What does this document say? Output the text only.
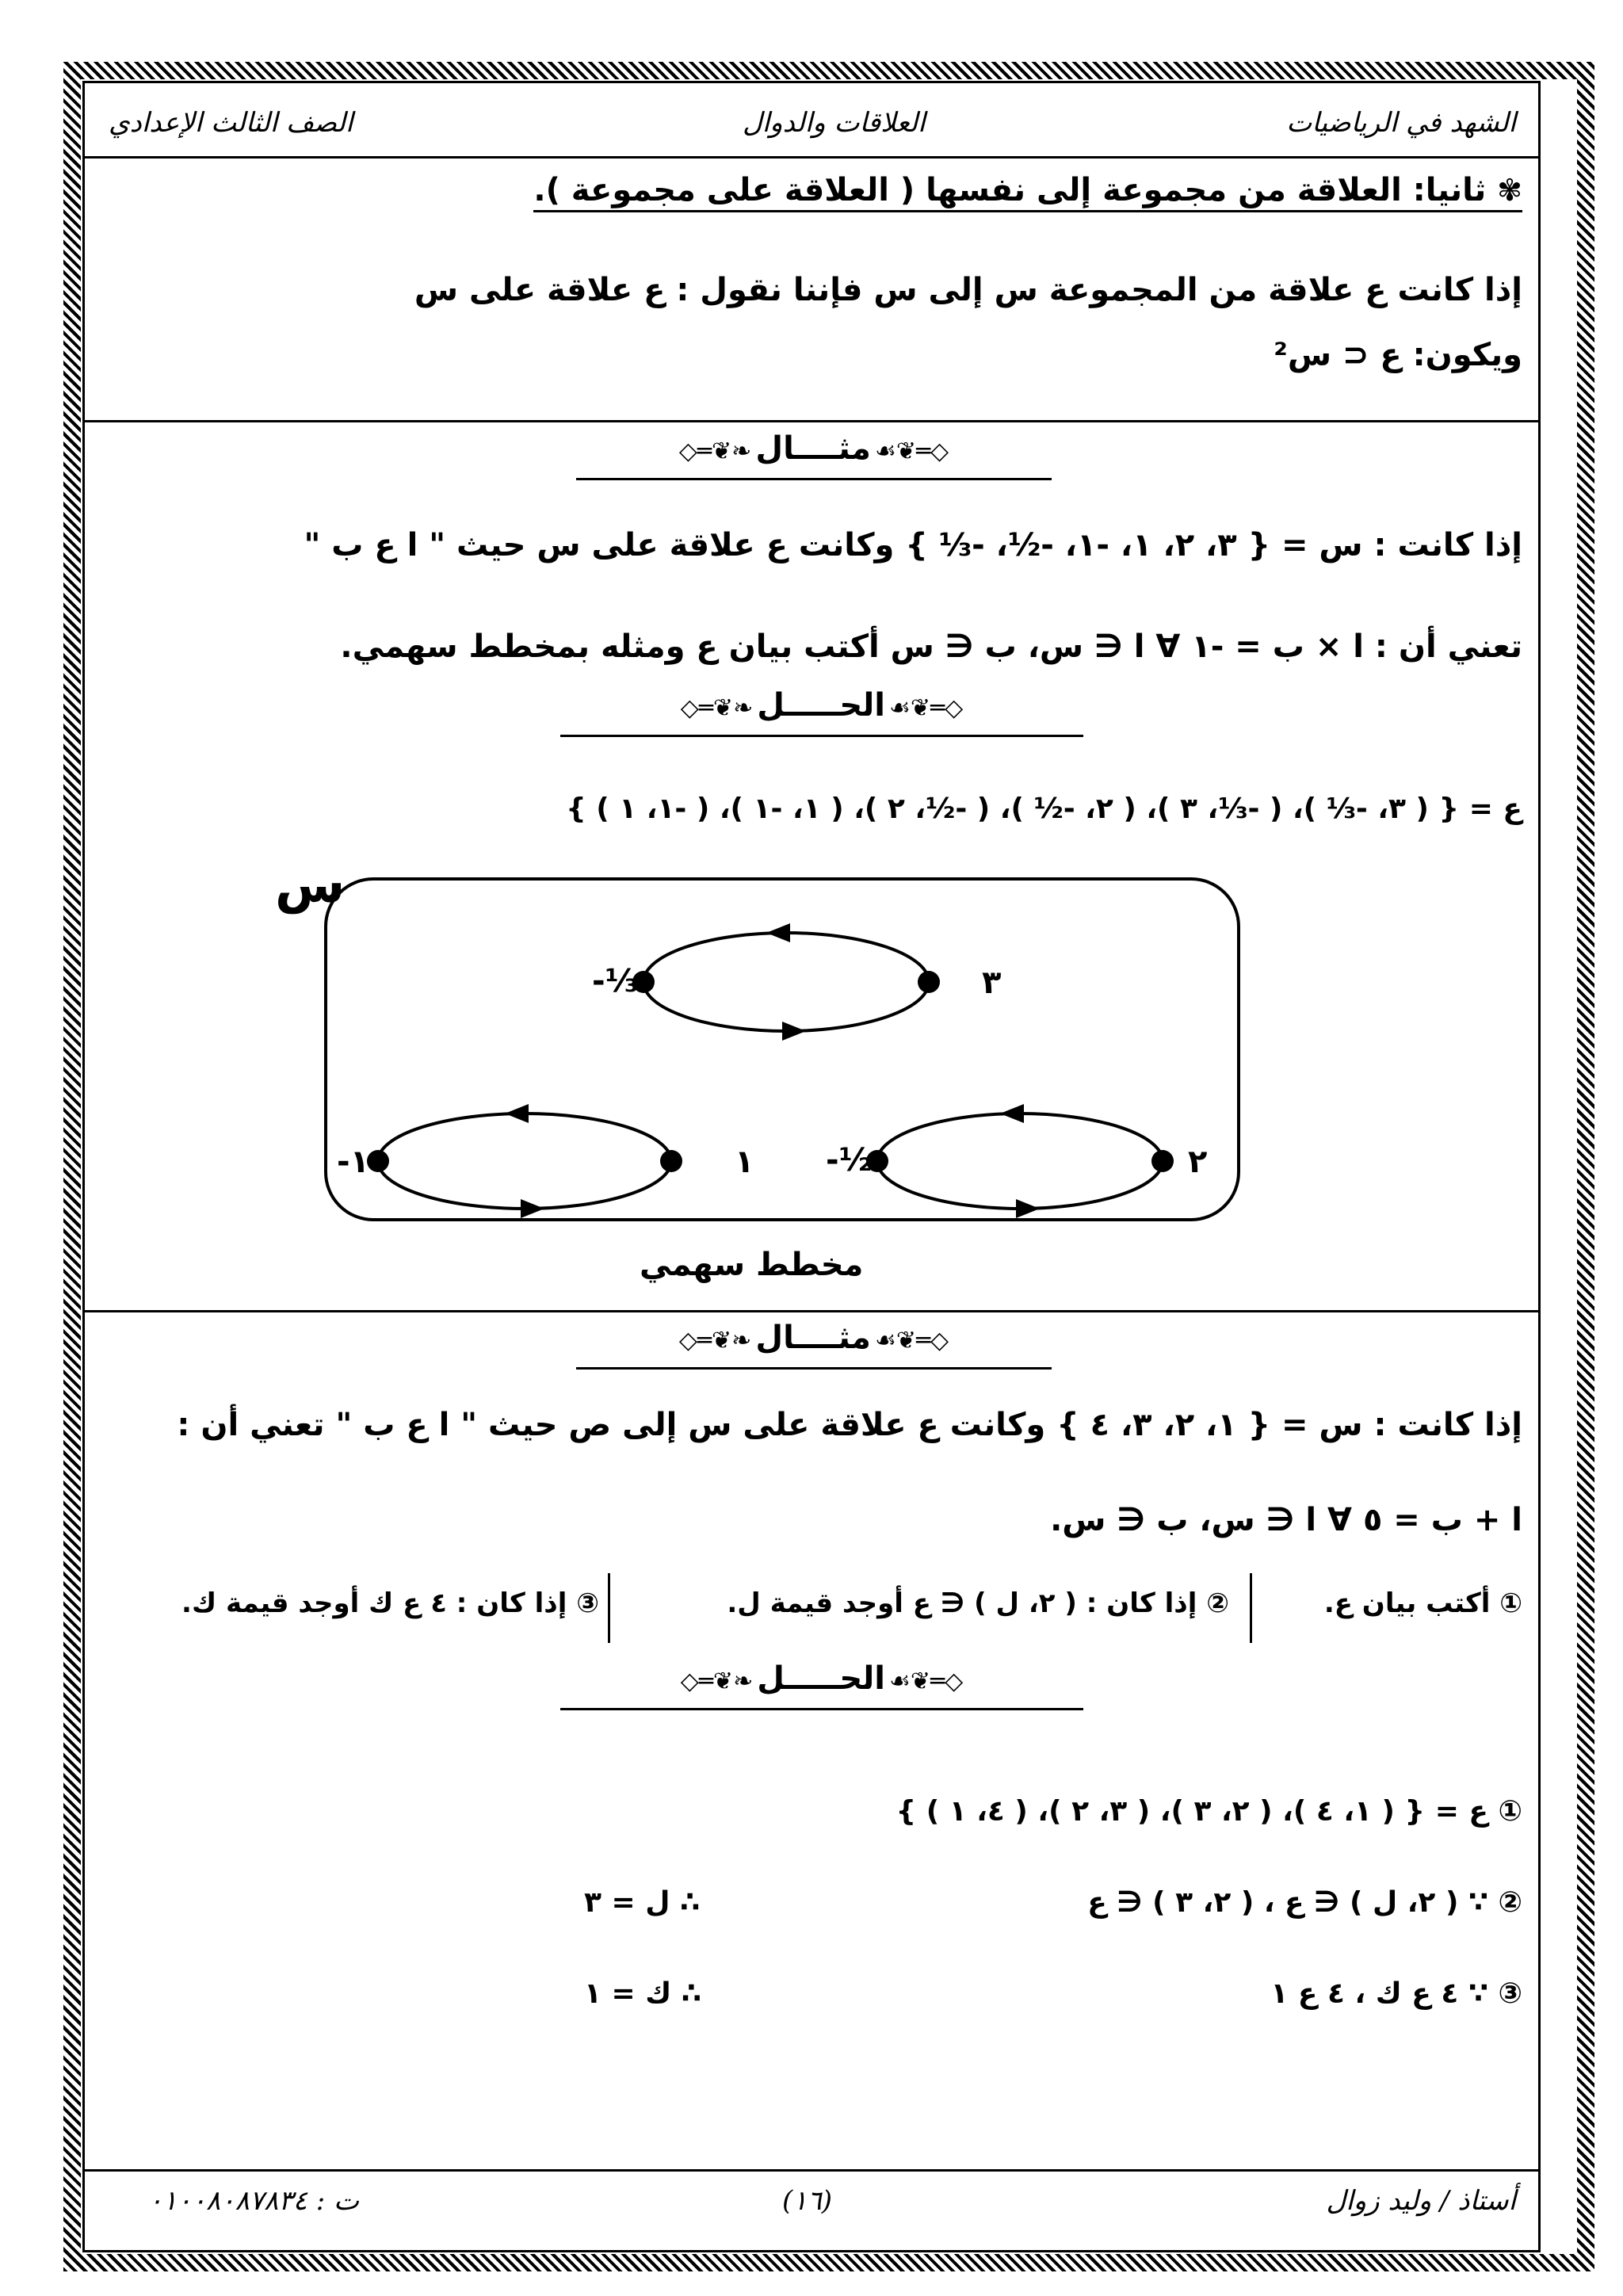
الشهد في الرياضيات
العلاقات والدوال
الصف الثالث الإعدادي
✾ ثانيا: العلاقة من مجموعة إلى نفسها ( العلاقة على مجموعة ).
إذا كانت ع علاقة من المجموعة س إلى س فإننا نقول : ع علاقة على س
ويكون: ع ⊂ س²
◇═❦❧ مثــــال ☙❦═◇
إذا كانت : س = { ٣، ٢، ١، -١، -½، -⅓ } وكانت ع علاقة على س حيث " ا ع ب "
تعني أن : ا × ب = -١ ∀ ا ∈ س، ب ∈ س أكتب بيان ع ومثله بمخطط سهمي.
◇═❦❧ الحـــــل ☙❦═◇
ع = { ( ٣، -⅓ )، ( -⅓، ٣ )، ( ٢، -½ )، ( -½، ٢ )، ( ١، -١ )، ( -١، ١ ) }
س
٣
-⅓
٢
-½
١
-١
مخطط سهمي
◇═❦❧ مثــــال ☙❦═◇
إذا كانت : س = { ١، ٢، ٣، ٤ } وكانت ع علاقة على س إلى ص حيث " ا ع ب " تعني أن :
ا + ب = ٥ ∀ ا ∈ س، ب ∈ س.
① أكتب بيان ع.
② إذا كان : ( ٢، ل ) ∈ ع أوجد قيمة ل.
③ إذا كان : ٤ ع ك أوجد قيمة ك.
◇═❦❧ الحـــــل ☙❦═◇
① ع = { ( ١، ٤ )، ( ٢، ٣ )، ( ٣، ٢ )، ( ٤، ١ ) }
② ∵ ( ٢، ل ) ∈ ع ، ( ٢، ٣ ) ∈ ع
∴ ل = ٣
③ ∵ ٤ ع ك ، ٤ ع ١
∴ ك = ١
أستاذ / وليد زوال
(١٦)
ت : ٠١٠٠٨٠٨٧٨٣٤
